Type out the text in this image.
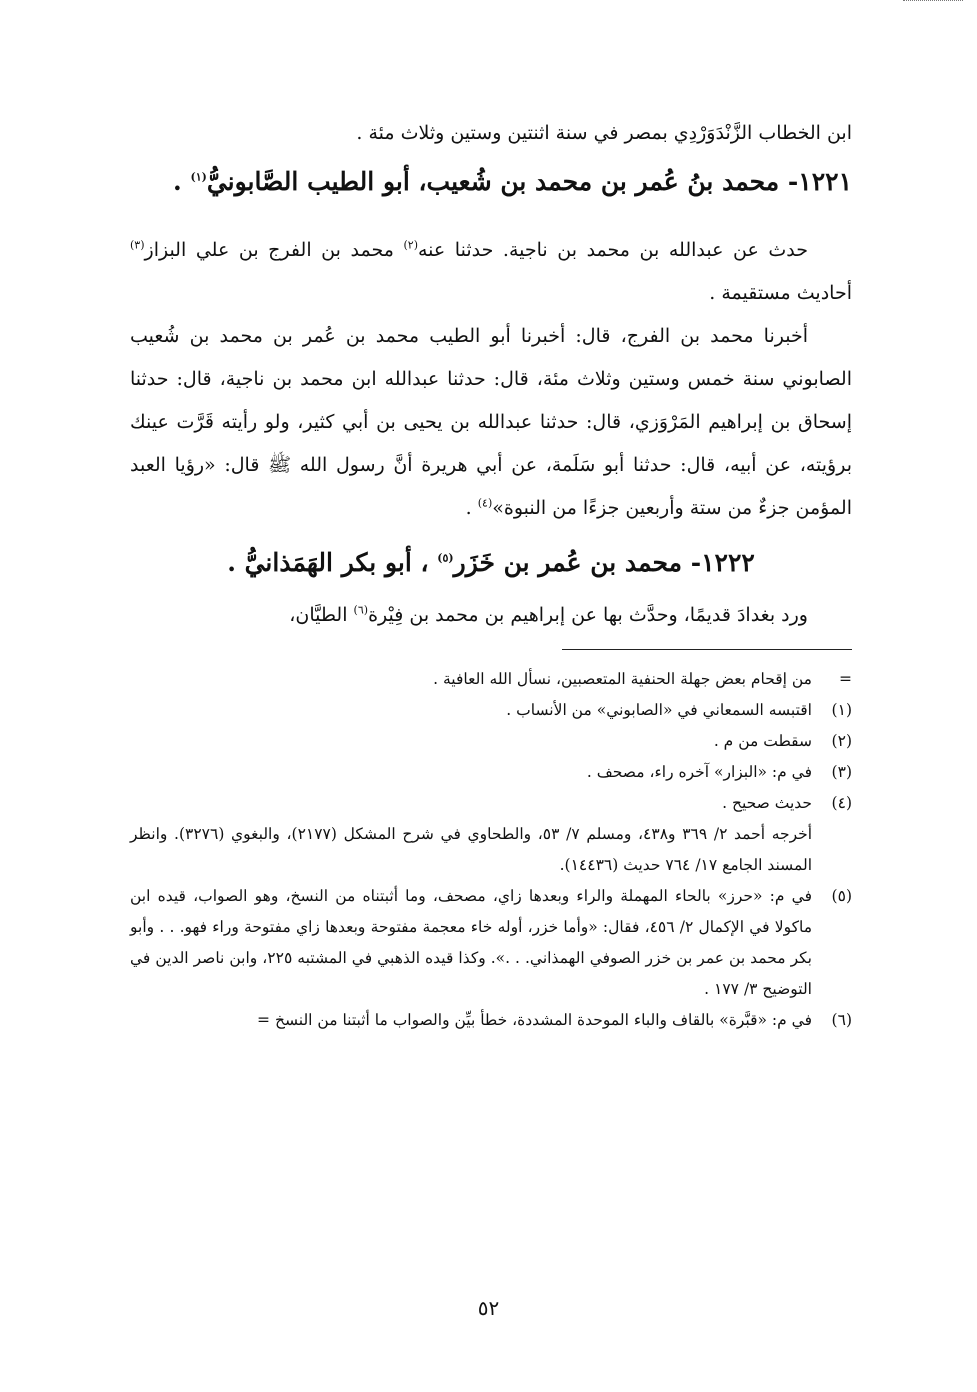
ابن الخطاب الزَّنْدَوَرْدِي بمصر في سنة اثنتين وستين وثلاث مئة .

١٢٢١- محمد بنُ عُمر بن محمد بن شُعيب، أبو الطيب الصَّابونيُّ$^{(١)}$ .

حدث عن عبدالله بن محمد بن ناجية. حدثنا عنه$^{(٢)}$ محمد بن الفرج بن علي البزاز$^{(٣)}$ أحاديث مستقيمة .

أخبرنا محمد بن الفرج، قال: أخبرنا أبو الطيب محمد بن عُمر بن محمد بن شُعيب الصابوني سنة خمس وستين وثلاث مئة، قال: حدثنا عبدالله ابن محمد بن ناجية، قال: حدثنا إسحاق بن إبراهيم المَرْوَزي، قال: حدثنا عبدالله بن يحيى بن أبي كثير، ولو رأيته قَرَّت عينك برؤيته، عن أبيه، قال: حدثنا أبو سَلَمة، عن أبي هريرة أنَّ رسول الله ﷺ قال: «رؤيا العبد المؤمن جزءٌ من ستة وأربعين جزءًا من النبوة»$^{(٤)}$ .

١٢٢٢- محمد بن عُمر بن خَزَر$^{(٥)}$ ، أبو بكر الهَمَذانيُّ .

ورد بغدادَ قديمًا، وحدَّث بها عن إبراهيم بن محمد بن فِيْرة$^{(٦)}$ الطيَّان،

=
من إقحام بعض جهلة الحنفية المتعصبين، نسأل الله العافية .
(١)
اقتبسه السمعاني في «الصابوني» من الأنساب .
(٢)
سقطت من م .
(٣)
في م: «البزار» آخره راء، مصحف .
(٤)
حديث صحيح .
أخرجه أحمد ٢/ ٣٦٩ و٤٣٨، ومسلم ٧/ ٥٣، والطحاوي في شرح المشكل (٢١٧٧)، والبغوي (٣٢٧٦). وانظر المسند الجامع ١٧/ ٧٦٤ حديث (١٤٤٣٦).
(٥)
في م: «حرز» بالحاء المهملة والراء وبعدها زاي، مصحف، وما أثبتناه من النسخ، وهو الصواب، قيده ابن ماكولا في الإكمال ٢/ ٤٥٦، فقال: «وأما خزر، أوله خاء معجمة مفتوحة وبعدها زاي مفتوحة وراء فهو. . . وأبو بكر محمد بن عمر بن خزر الصوفي الهمذاني. . .». وكذا قيده الذهبي في المشتبه ٢٢٥، وابن ناصر الدين في التوضيح ٣/ ١٧٧ .
(٦)
في م: «قبَّرة» بالقاف والباء الموحدة المشددة، خطأ بيِّن والصواب ما أثبتنا من النسخ =
٥٢
